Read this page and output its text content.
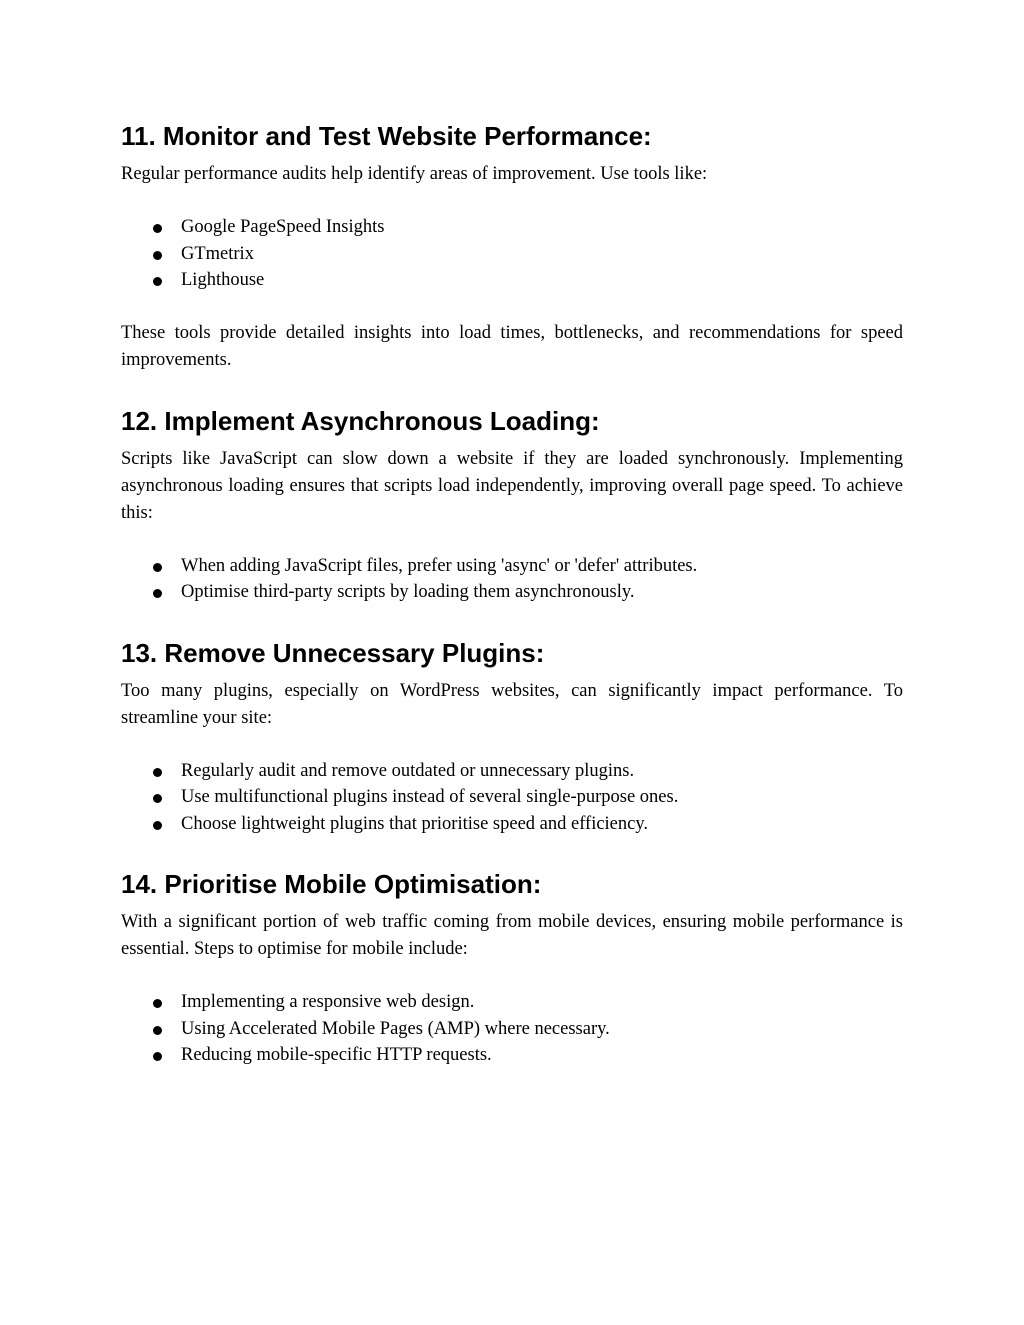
11. Monitor and Test Website Performance:

Regular performance audits help identify areas of improvement. Use tools like:

Google PageSpeed Insights
GTmetrix
Lighthouse

These tools provide detailed insights into load times, bottlenecks, and recommendations for speed improvements.

12. Implement Asynchronous Loading:

Scripts like JavaScript can slow down a website if they are loaded synchronously. Implementing asynchronous loading ensures that scripts load independently, improving overall page speed. To achieve this:

When adding JavaScript files, prefer using 'async' or 'defer' attributes.
Optimise third-party scripts by loading them asynchronously.
13. Remove Unnecessary Plugins:

Too many plugins, especially on WordPress websites, can significantly impact performance. To streamline your site:

Regularly audit and remove outdated or unnecessary plugins.
Use multifunctional plugins instead of several single-purpose ones.
Choose lightweight plugins that prioritise speed and efficiency.
14. Prioritise Mobile Optimisation:

With a significant portion of web traffic coming from mobile devices, ensuring mobile performance is essential. Steps to optimise for mobile include:

Implementing a responsive web design.
Using Accelerated Mobile Pages (AMP) where necessary.
Reducing mobile-specific HTTP requests.
